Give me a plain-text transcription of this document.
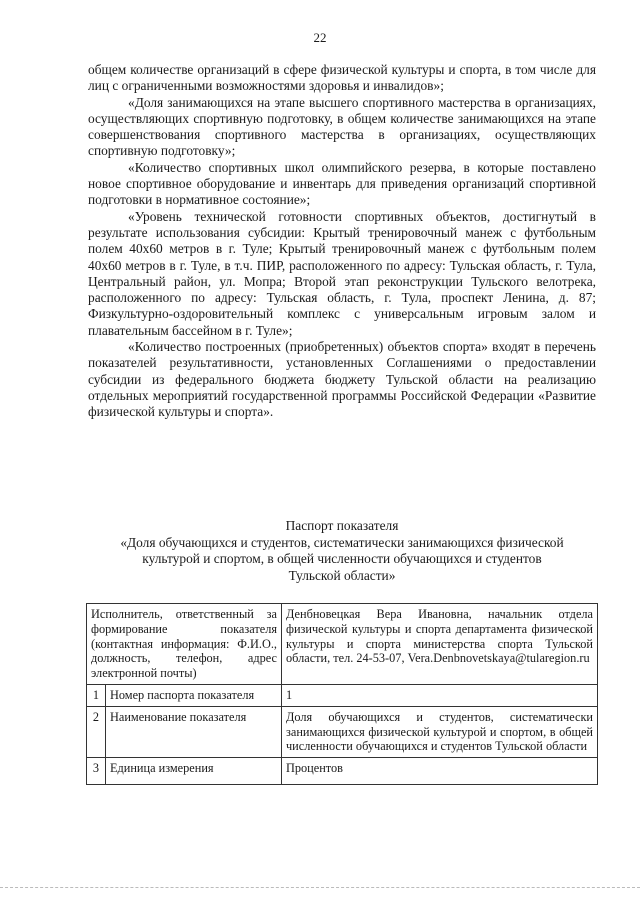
22

общем количестве организаций в сфере физической культуры и спорта, в том числе для лиц с ограниченными возможностями здоровья и инвалидов»;

«Доля занимающихся на этапе высшего спортивного мастерства в организациях, осуществляющих спортивную подготовку, в общем количестве занимающихся на этапе совершенствования спортивного мастерства в организациях, осуществляющих спортивную подготовку»;

«Количество спортивных школ олимпийского резерва, в которые поставлено новое спортивное оборудование и инвентарь для приведения организаций спортивной подготовки в нормативное состояние»;

«Уровень технической готовности спортивных объектов, достигнутый в результате использования субсидии: Крытый тренировочный манеж с футбольным полем 40х60 метров в г. Туле; Крытый тренировочный манеж с футбольным полем 40х60 метров в г. Туле, в т.ч. ПИР, расположенного по адресу: Тульская область, г. Тула, Центральный район, ул. Мопра; Второй этап реконструкции Тульского велотрека, расположенного по адресу: Тульская область, г. Тула, проспект Ленина, д. 87; Физкультурно-оздоровительный комплекс с универсальным игровым залом и плавательным бассейном в г. Туле»;

«Количество построенных (приобретенных) объектов спорта» входят в перечень показателей результативности, установленных Соглашениями о предоставлении субсидии из федерального бюджета бюджету Тульской области на реализацию отдельных мероприятий государственной программы Российской Федерации «Развитие физической культуры и спорта».

Паспорт показателя
«Доля обучающихся и студентов, систематически занимающихся физической
культурой и спортом, в общей численности обучающихся и студентов
Тульской области»
Исполнитель, ответственный за формирование показателя (контактная информация: Ф.И.О., должность, телефон, адрес электронной почты)		Денбновецкая Вера Ивановна, начальник отдела физической культуры и спорта департамента физической культуры и спорта министерства спорта Тульской области, тел. 24-53-07, Vera.Denbnovetskaya@tularegion.ru
1	Номер паспорта показателя	1
2	Наименование показателя	Доля обучающихся и студентов, систематически занимающихся физической культурой и спортом, в общей численности обучающихся и студентов Тульской области
3	Единица измерения	Процентов
